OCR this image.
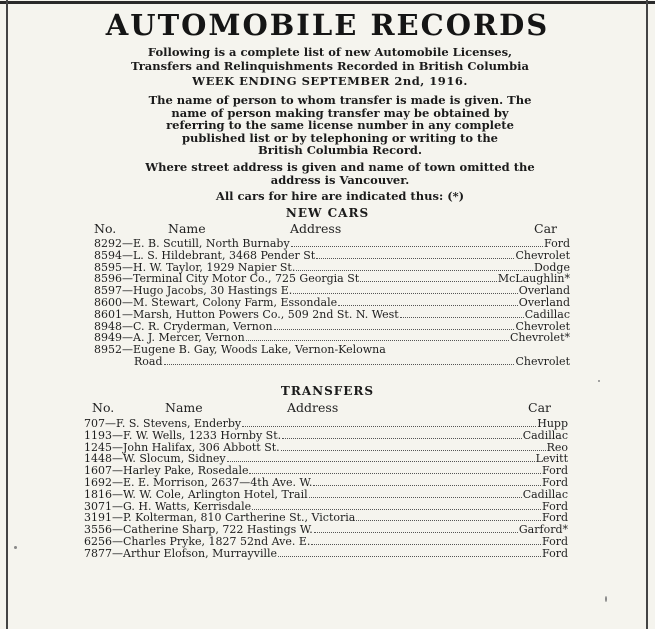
AUTOMOBILE RECORDS
Following is a complete list of new Automobile Licenses,
Transfers and Relinquishments Recorded in British Columbia
WEEK ENDING SEPTEMBER 2nd, 1916.
The name of person to whom transfer is made is given. The
name of person making transfer may be obtained by
referring to the same license number in any complete
published list or by telephoning or writing to the
British Columbia Record.
Where street address is given and name of town omitted the
address is Vancouver.
All cars for hire are indicated thus: (*)
NEW CARS
No.	Name	Address	Car
8292 —E. B. Scutill, North Burnaby	Ford
8594 —L. S. Hildebrant, 3468 Pender St	Chevrolet
8595 —H. W. Taylor, 1929 Napier St.	Dodge
8596 —Terminal City Motor Co., 725 Georgia St	McLaughlin*
8597 —Hugo Jacobs, 30 Hastings E.	Overland
8600 —M. Stewart, Colony Farm, Essondale	Overland
8601 —Marsh, Hutton Powers Co., 509 2nd St. N. West	Cadillac
8948 —C. R. Cryderman, Vernon	Chevrolet
8949 —A. J. Mercer, Vernon	Chevrolet*
8952 —Eugene B. Gay, Woods Lake, Vernon-Kelowna
Road	Chevrolet
TRANSFERS
No.	Name	Address	Car
707 —F. S. Stevens, Enderby	Hupp
1193 —F. W. Wells, 1233 Hornby St.	Cadillac
1245 —John Halifax, 306 Abbott St.	Reo
1448 —W. Slocum, Sidney	Levitt
1607 —Harley Pake, Rosedale	Ford
1692 —E. E. Morrison, 2637—4th Ave. W.	Ford
1816 —W. W. Cole, Arlington Hotel, Trail	Cadillac
3071 —G. H. Watts, Kerrisdale	Ford
3191 —P. Kolterman, 810 Cartherine St., Victoria	Ford
3556 —Catherine Sharp, 722 Hastings W.	Garford*
6256 —Charles Pryke, 1827 52nd Ave. E.	Ford
7877 —Arthur Elofson, Murrayville	Ford
